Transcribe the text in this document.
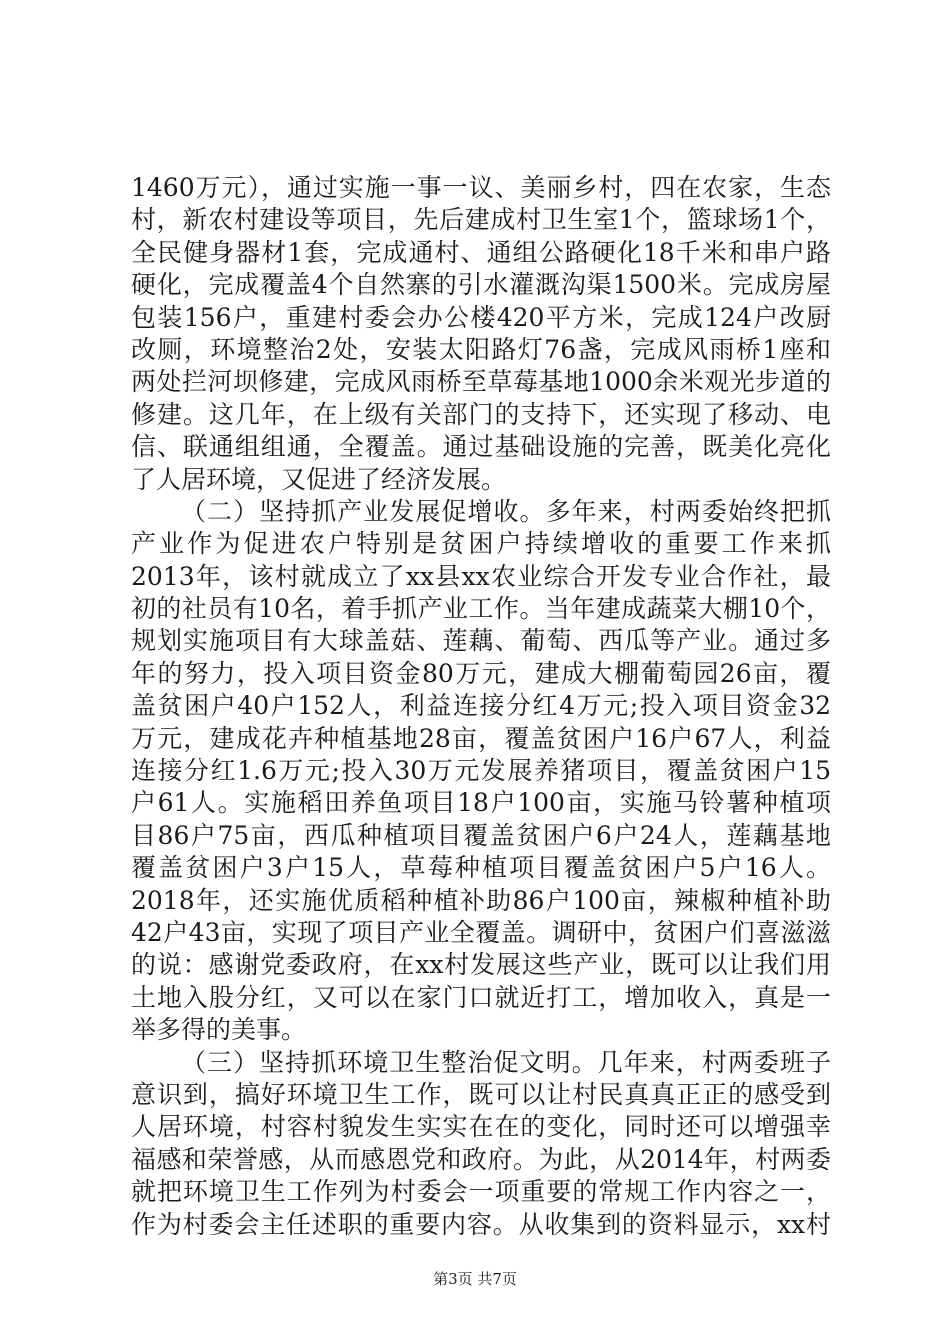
1460万元），通过实施一事一议、美丽乡村，四在农家，生态
村，新农村建设等项目，先后建成村卫生室1个，篮球场1个，
全民健身器材1套，完成通村、通组公路硬化18千米和串户路
硬化，完成覆盖4个自然寨的引水灌溉沟渠1500米。完成房屋
包装156户，重建村委会办公楼420平方米，完成124户改厨
改厕，环境整治2处，安装太阳路灯76盏，完成风雨桥1座和
两处拦河坝修建，完成风雨桥至草莓基地1000余米观光步道的
修建。这几年，在上级有关部门的支持下，还实现了移动、电
信、联通组组通，全覆盖。通过基础设施的完善，既美化亮化
了人居环境，又促进了经济发展。
（二）坚持抓产业发展促增收。多年来，村两委始终把抓
产业作为促进农户特别是贫困户持续增收的重要工作来抓
2013年，该村就成立了xx县xx农业综合开发专业合作社，最
初的社员有10名，着手抓产业工作。当年建成蔬菜大棚10个，
规划实施项目有大球盖菇、莲藕、葡萄、西瓜等产业。通过多
年的努力，投入项目资金80万元，建成大棚葡萄园26亩，覆
盖贫困户40户152人，利益连接分红4万元;投入项目资金32
万元，建成花卉种植基地28亩，覆盖贫困户16户67人，利益
连接分红1.6万元;投入30万元发展养猪项目，覆盖贫困户15
户61人。实施稻田养鱼项目18户100亩，实施马铃薯种植项
目86户75亩，西瓜种植项目覆盖贫困户6户24人，莲藕基地
覆盖贫困户3户15人，草莓种植项目覆盖贫困户5户16人。
2018年，还实施优质稻种植补助86户100亩，辣椒种植补助
42户43亩，实现了项目产业全覆盖。调研中，贫困户们喜滋滋
的说：感谢党委政府，在xx村发展这些产业，既可以让我们用
土地入股分红，又可以在家门口就近打工，增加收入，真是一
举多得的美事。
（三）坚持抓环境卫生整治促文明。几年来，村两委班子
意识到，搞好环境卫生工作，既可以让村民真真正正的感受到
人居环境，村容村貌发生实实在在的变化，同时还可以增强幸
福感和荣誉感，从而感恩党和政府。为此，从2014年，村两委
就把环境卫生工作列为村委会一项重要的常规工作内容之一，
作为村委会主任述职的重要内容。从收集到的资料显示，xx村
第3页 共7页
